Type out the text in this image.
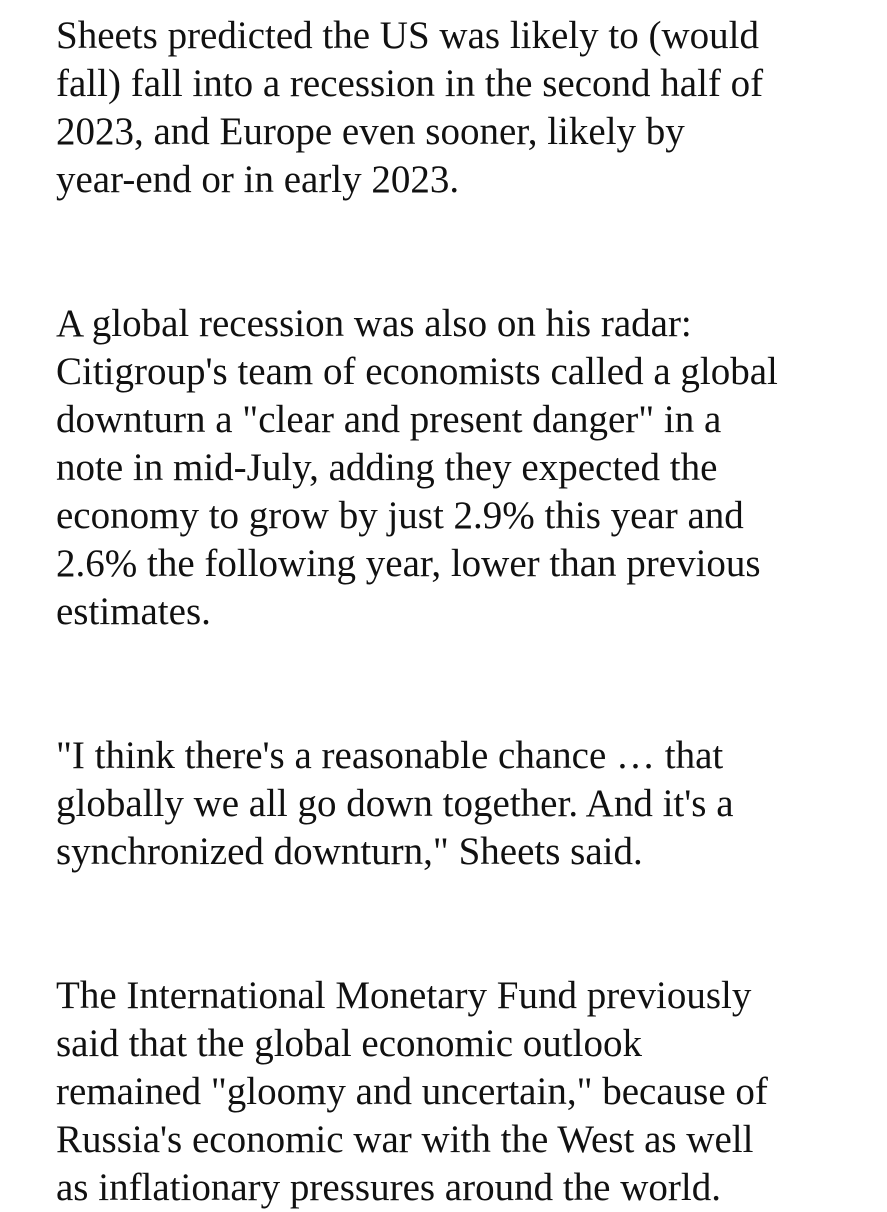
Sheets predicted the US was likely to (would
fall) fall into a recession in the second half of
2023, and Europe even sooner, likely by
year-end or in early 2023.

A global recession was also on his radar:
Citigroup's team of economists called a global
downturn a "clear and present danger" in a
note in mid-July, adding they expected the
economy to grow by just 2.9% this year and
2.6% the following year, lower than previous
estimates.

"I think there's a reasonable chance … that
globally we all go down together. And it's a
synchronized downturn," Sheets said.

The International Monetary Fund previously
said that the global economic outlook
remained "gloomy and uncertain," because of
Russia's economic war with the West as well
as inflationary pressures around the world.
